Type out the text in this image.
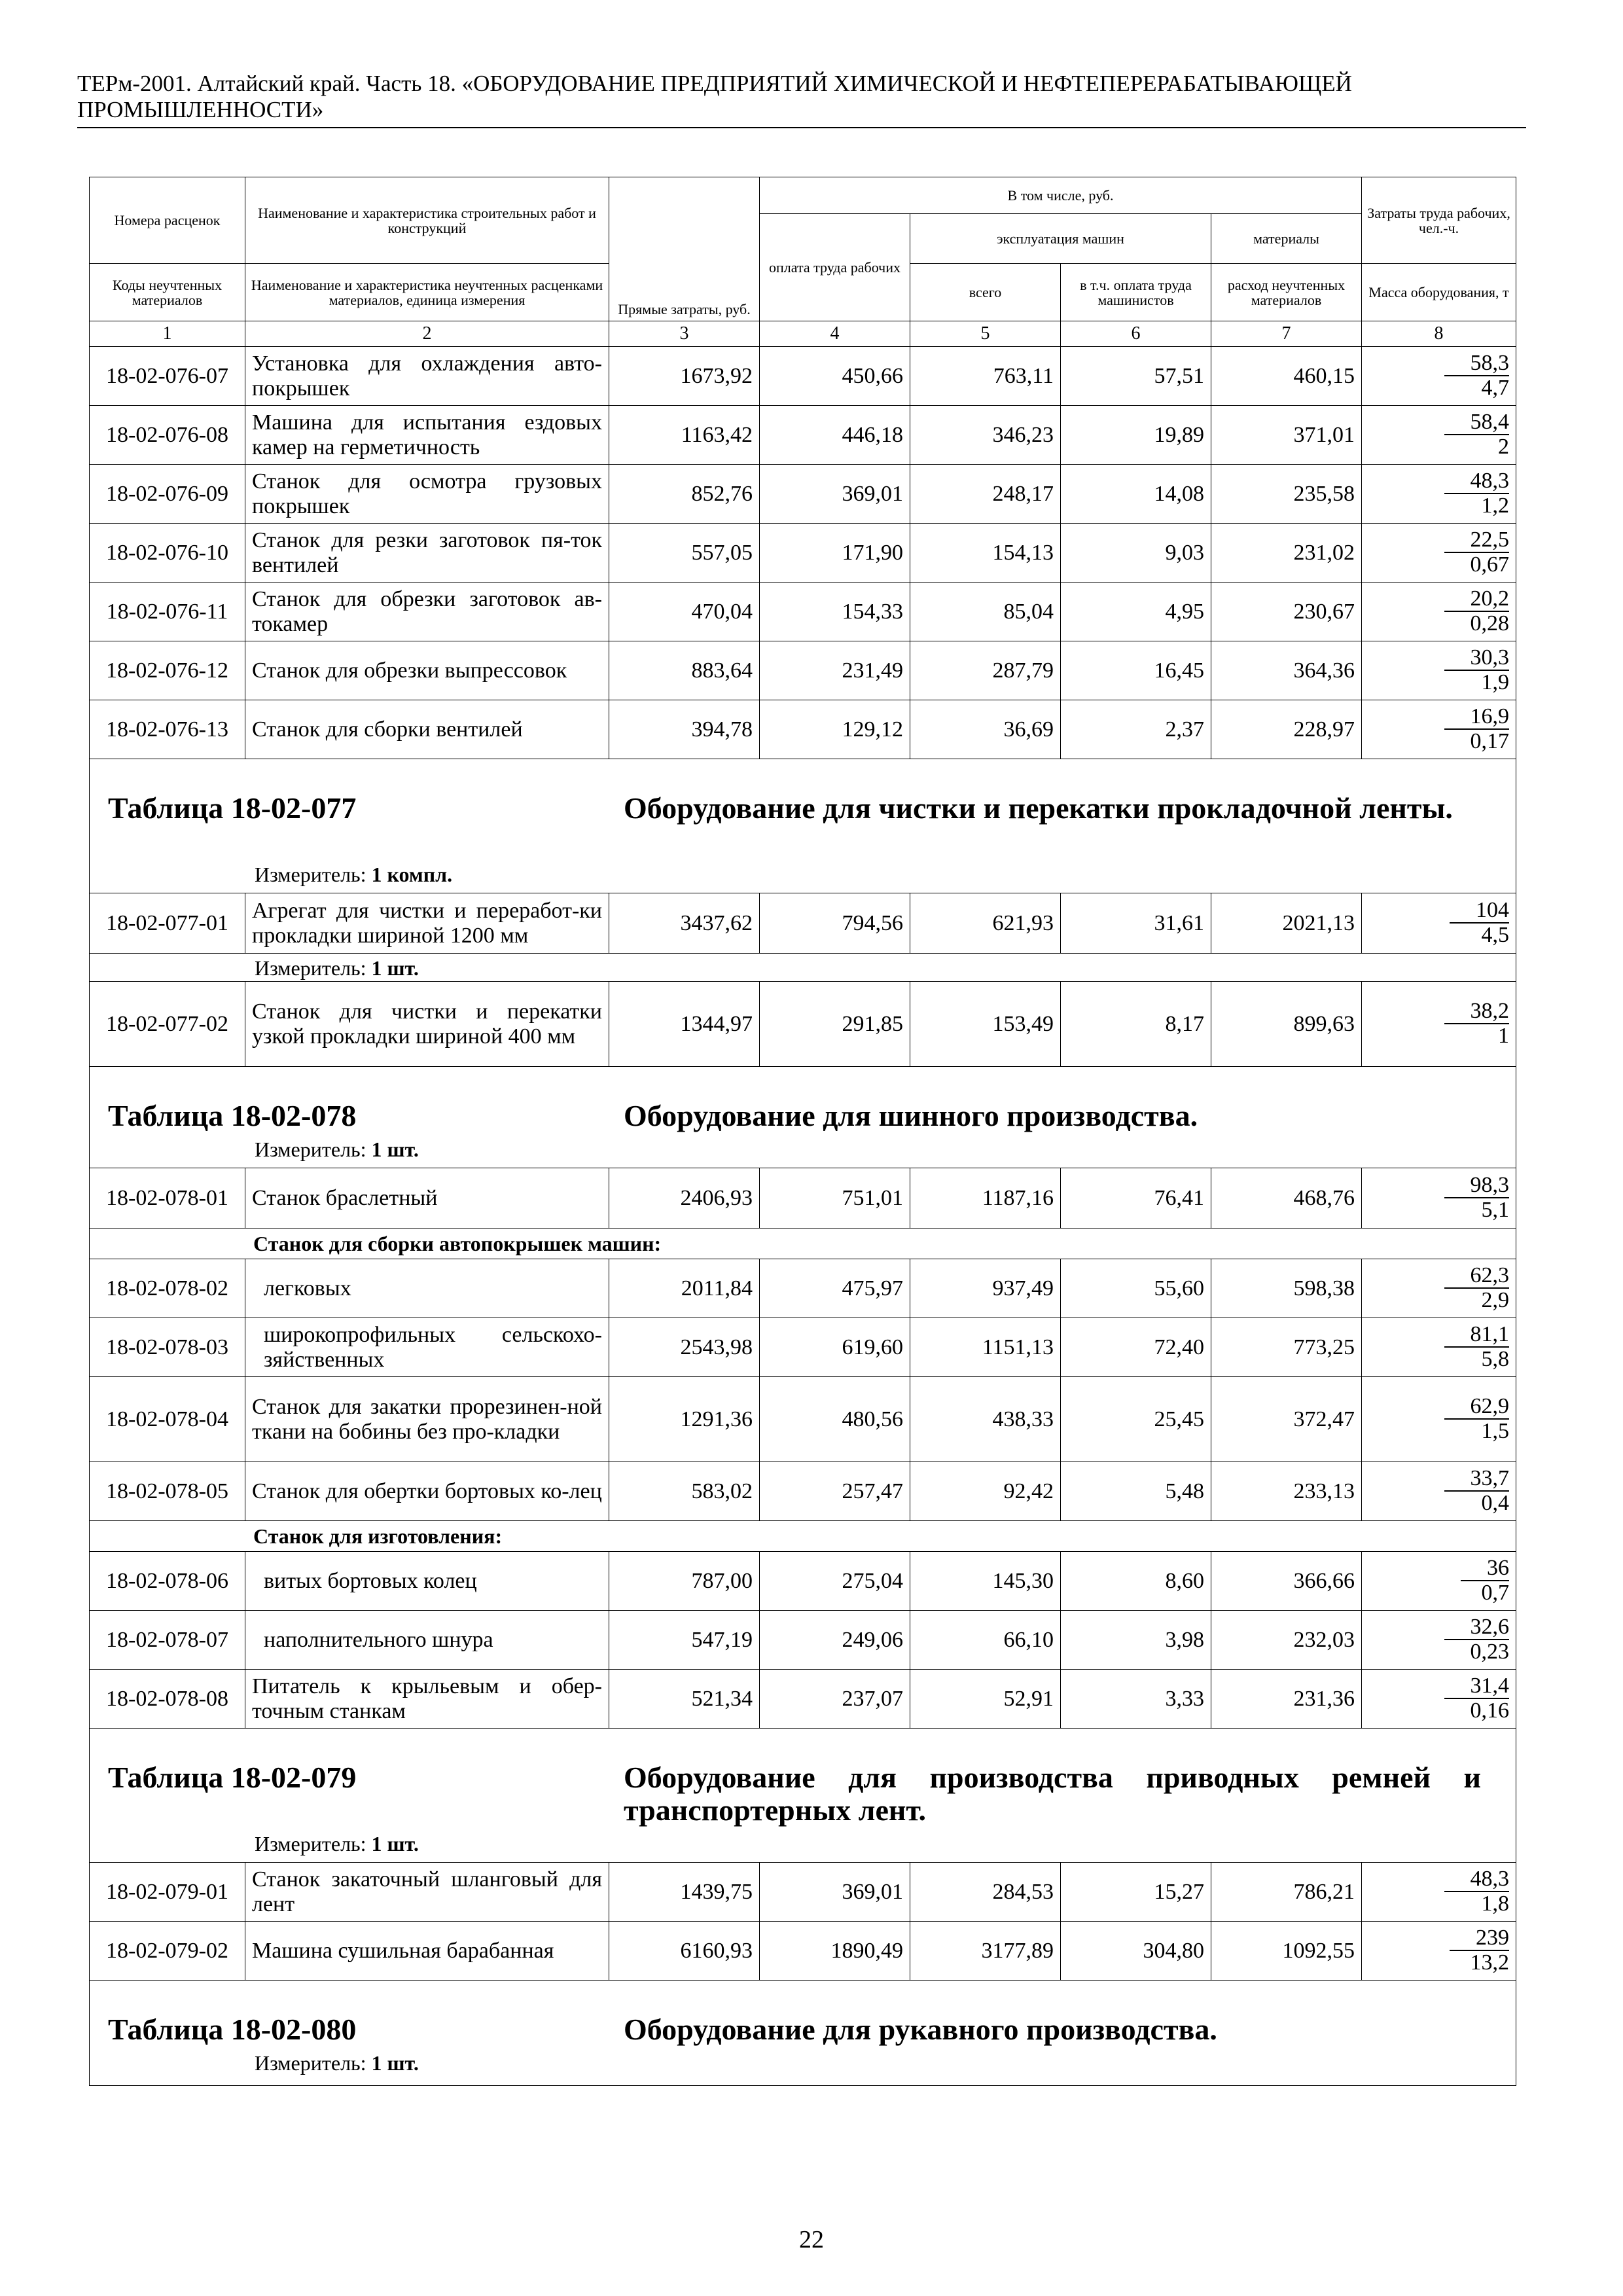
ТЕРм-2001. Алтайский край. Часть 18. «ОБОРУДОВАНИЕ ПРЕДПРИЯТИЙ ХИМИЧЕСКОЙ И НЕФТЕПЕРЕРАБАТЫВАЮЩЕЙ ПРОМЫШЛЕННОСТИ»
Номера расценок	Наименование и характеристика строительных работ и конструкций	Прямые затраты, руб.	В том числе, руб.				Затраты труда рабочих, чел.-ч.
			оплата труда рабочих	эксплуатация машин		материалы	
Коды неучтенных материалов	Наименование и характеристика неучтенных расценками материалов, единица измерения			всего	в т.ч. оплата труда машинистов	расход неучтенных материалов	Масса оборудования, т
1	2	3	4	5	6	7	8
18-02-076-07	Установка для охлаждения авто-покрышек	1673,92	450,66	763,11	57,51	460,15	$\frac{58,3}{4,7}$

18-02-076-08	Машина для испытания ездовых камер на герметичность	1163,42	446,18	346,23	19,89	371,01	$\frac{58,4}{2}$

18-02-076-09	Станок для осмотра грузовых покрышек	852,76	369,01	248,17	14,08	235,58	$\frac{48,3}{1,2}$

18-02-076-10	Станок для резки заготовок пя-ток вентилей	557,05	171,90	154,13	9,03	231,02	$\frac{22,5}{0,67}$

18-02-076-11	Станок для обрезки заготовок ав-токамер	470,04	154,33	85,04	4,95	230,67	$\frac{20,2}{0,28}$

18-02-076-12	Станок для обрезки выпрессовок	883,64	231,49	287,79	16,45	364,36	$\frac{30,3}{1,9}$

18-02-076-13	Станок для сборки вентилей	394,78	129,12	36,69	2,37	228,97	$\frac{16,9}{0,17}$

Таблица 18-02-077 Оборудование для чистки и перекатки прокладочной ленты.
Измеритель: 1 компл.							

18-02-077-01	Агрегат для чистки и переработ-ки прокладки шириной 1200 мм	3437,62	794,56	621,93	31,61	2021,13	$\frac{104}{4,5}$

Измеритель: 1 шт.							

18-02-077-02	Станок для чистки и перекатки узкой прокладки шириной 400 мм	1344,97	291,85	153,49	8,17	899,63	$\frac{38,2}{1}$

Таблица 18-02-078 Оборудование для шинного производства.
Измеритель: 1 шт.							

18-02-078-01	Станок браслетный	2406,93	751,01	1187,16	76,41	468,76	$\frac{98,3}{5,1}$

Станок для сборки автопокрышек машин:							
18-02-078-02	легковых	2011,84	475,97	937,49	55,60	598,38	$\frac{62,3}{2,9}$

18-02-078-03	широкопрофильных сельскохо-зяйственных	2543,98	619,60	1151,13	72,40	773,25	$\frac{81,1}{5,8}$

18-02-078-04	Станок для закатки прорезинен-ной ткани на бобины без про-кладки	1291,36	480,56	438,33	25,45	372,47	$\frac{62,9}{1,5}$

18-02-078-05	Станок для обертки бортовых ко-лец	583,02	257,47	92,42	5,48	233,13	$\frac{33,7}{0,4}$

Станок для изготовления:							
18-02-078-06	витых бортовых колец	787,00	275,04	145,30	8,60	366,66	$\frac{36}{0,7}$

18-02-078-07	наполнительного шнура	547,19	249,06	66,10	3,98	232,03	$\frac{32,6}{0,23}$

18-02-078-08	Питатель к крыльевым и обер-точным станкам	521,34	237,07	52,91	3,33	231,36	$\frac{31,4}{0,16}$

Таблица 18-02-079 Оборудование для производства приводных ремней и транспортерных лент.
Измеритель: 1 шт.							

18-02-079-01	Станок закаточный шланговый для лент	1439,75	369,01	284,53	15,27	786,21	$\frac{48,3}{1,8}$

18-02-079-02	Машина сушильная барабанная	6160,93	1890,49	3177,89	304,80	1092,55	$\frac{239}{13,2}$

Таблица 18-02-080 Оборудование для рукавного производства.
Измеритель: 1 шт.							
22
